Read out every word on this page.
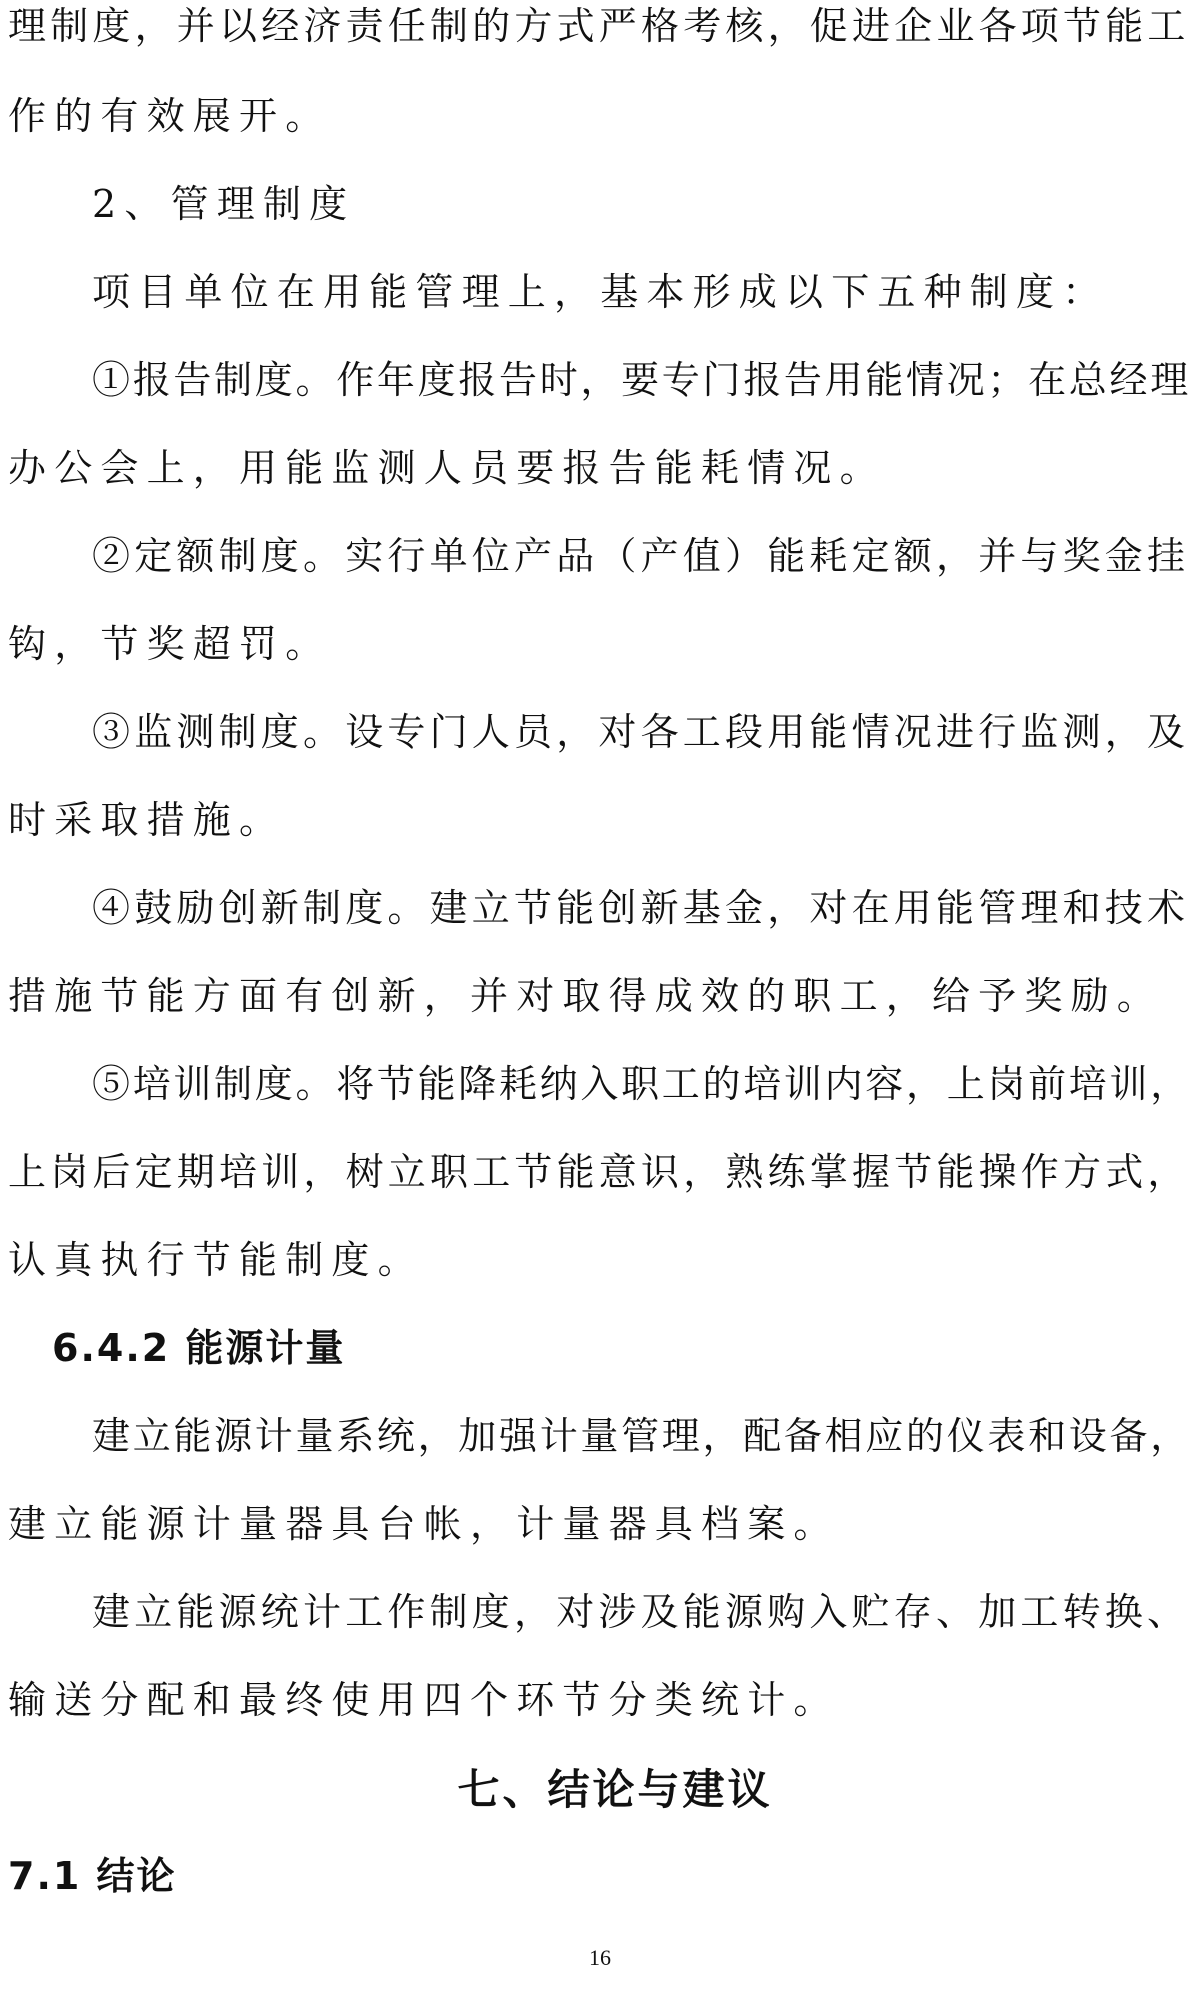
理制度，并以经济责任制的方式严格考核，促进企业各项节能工
作的有效展开。
2、管理制度
项目单位在用能管理上，基本形成以下五种制度：
①报告制度。作年度报告时，要专门报告用能情况；在总经理
办公会上，用能监测人员要报告能耗情况。
②定额制度。实行单位产品（产值）能耗定额，并与奖金挂
钩，节奖超罚。
③监测制度。设专门人员，对各工段用能情况进行监测，及
时采取措施。
④鼓励创新制度。建立节能创新基金，对在用能管理和技术
措施节能方面有创新，并对取得成效的职工，给予奖励。
⑤培训制度。将节能降耗纳入职工的培训内容，上岗前培训，
上岗后定期培训，树立职工节能意识，熟练掌握节能操作方式，
认真执行节能制度。
6.4.2 能源计量
建立能源计量系统，加强计量管理，配备相应的仪表和设备，
建立能源计量器具台帐，计量器具档案。
建立能源统计工作制度，对涉及能源购入贮存、加工转换、
输送分配和最终使用四个环节分类统计。
七、结论与建议
7.1 结论
16
